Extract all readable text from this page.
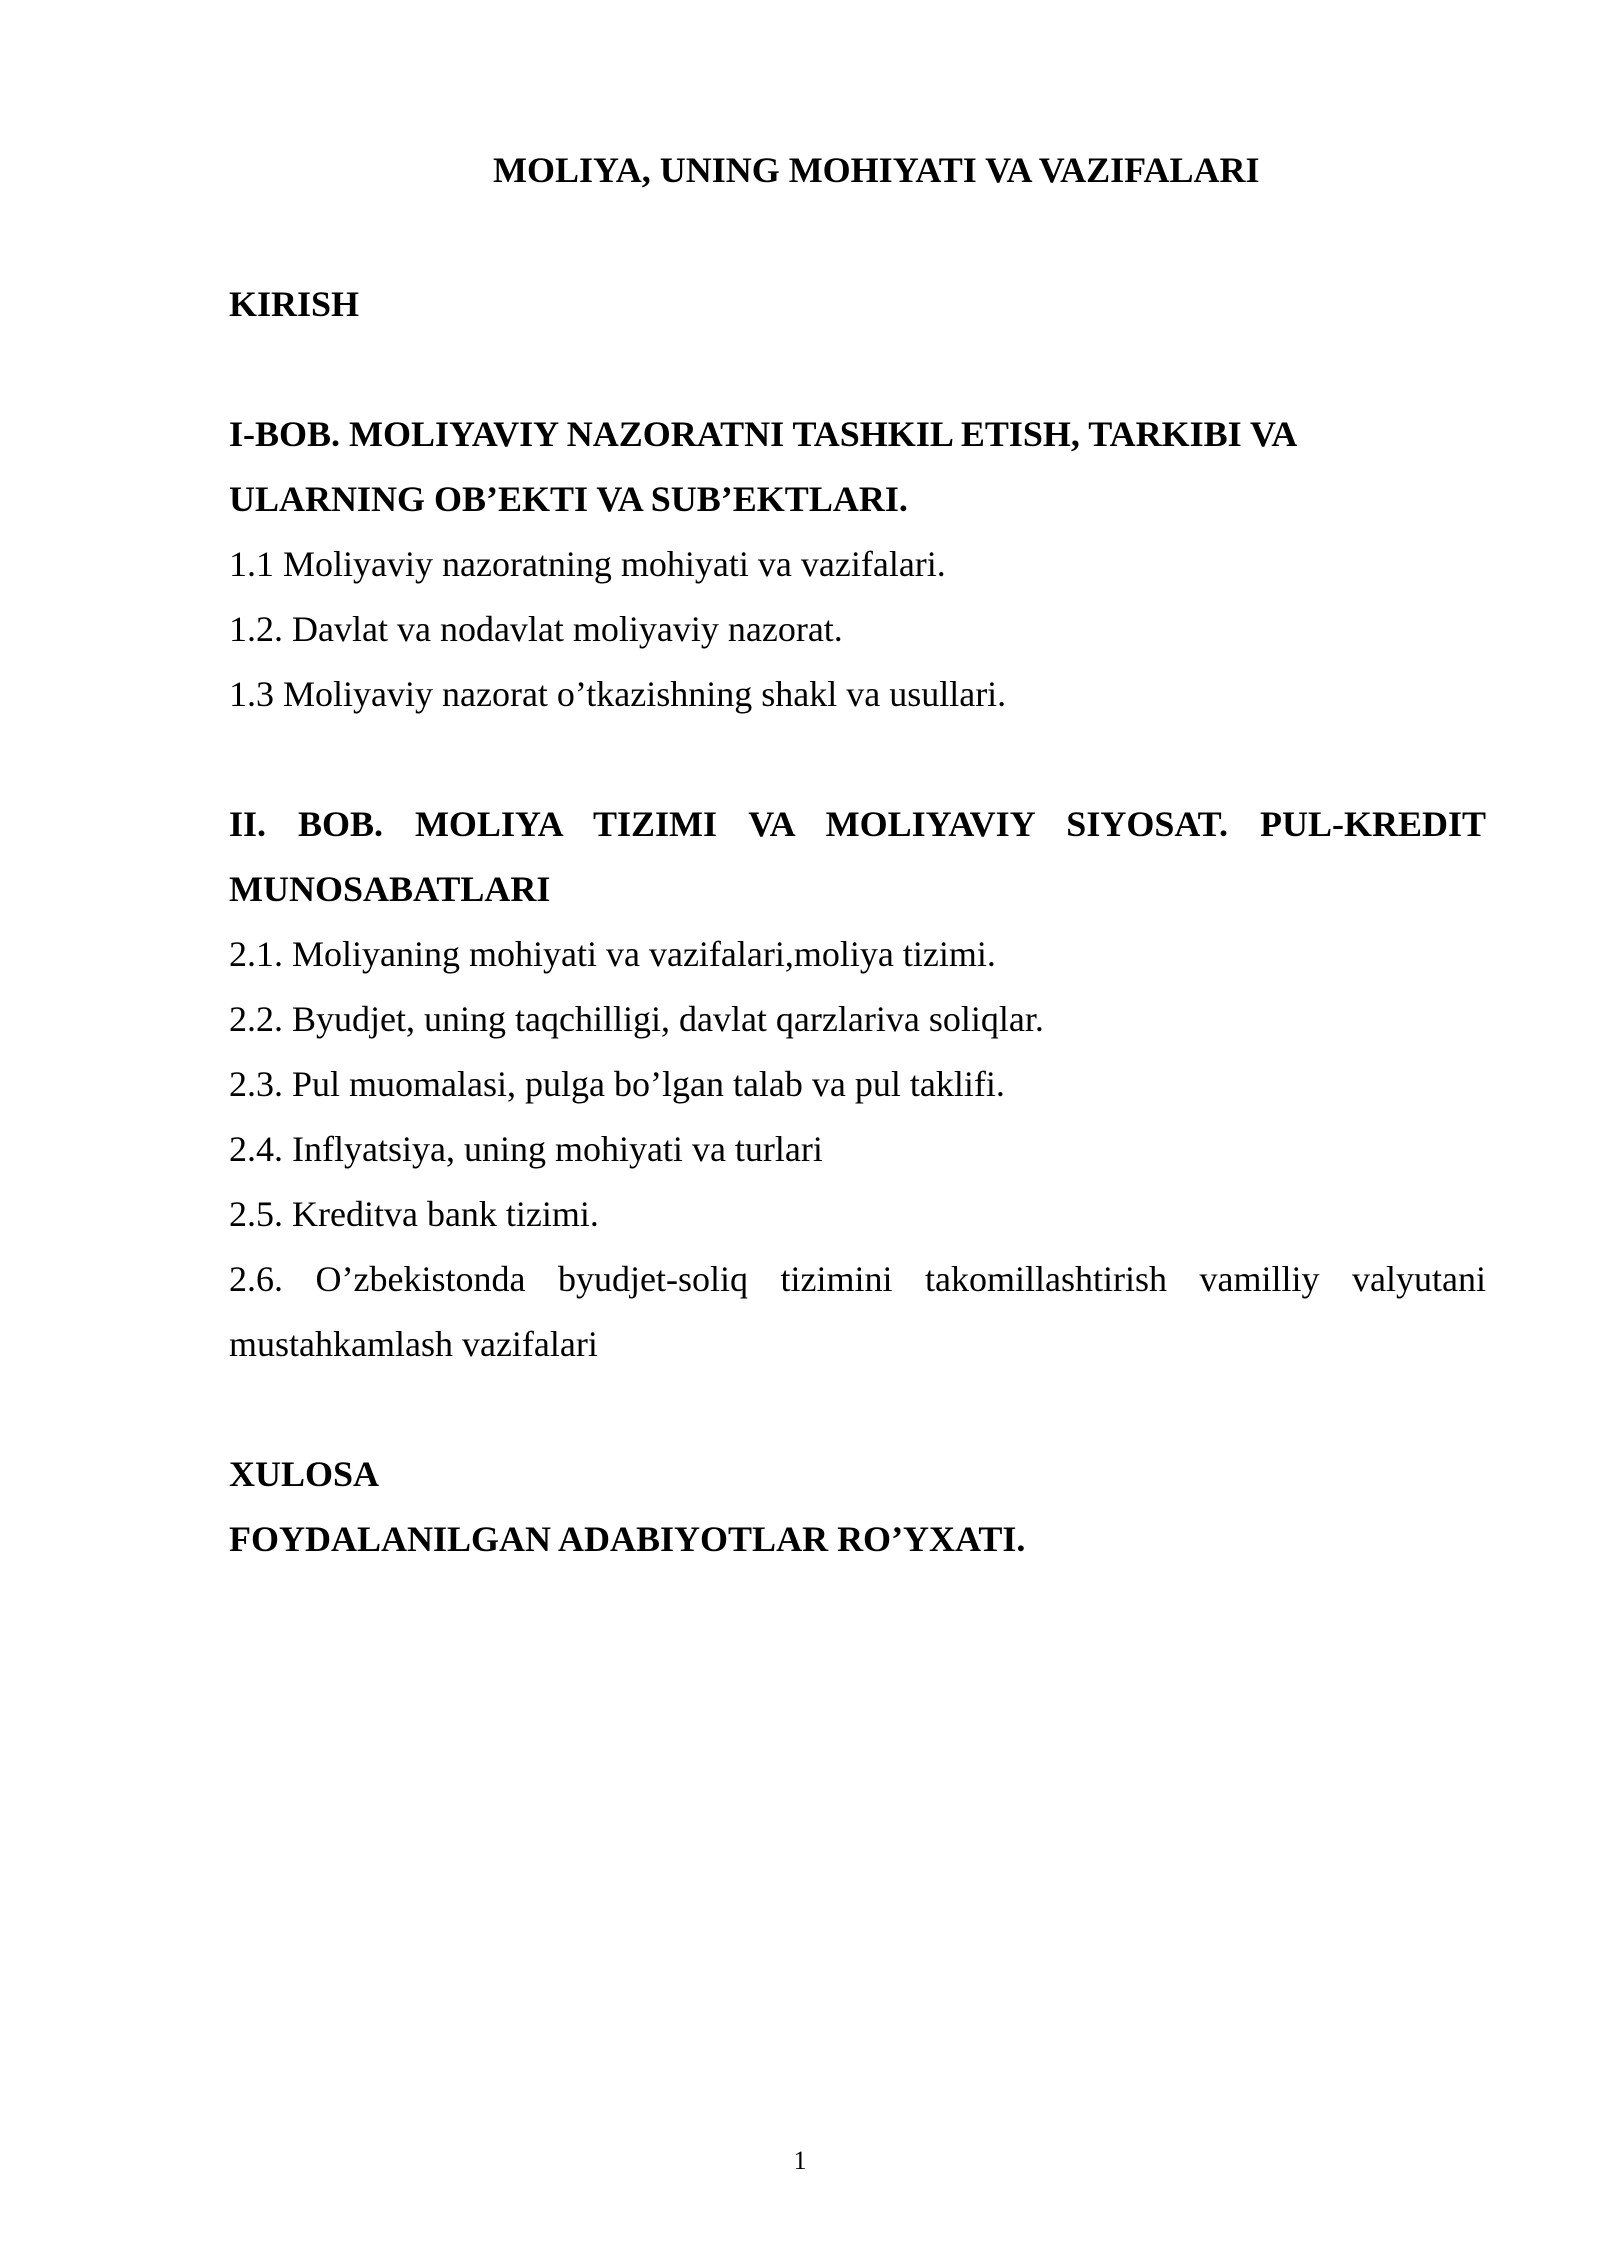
MOLIYA, UNING MOHIYATI VA VAZIFALARI
KIRISH
I-BOB. MOLIYAVIY NAZORATNI TASHKIL ETISH, TARKIBI VA
ULARNING OB’EKTI VA SUB’EKTLARI.
1.1 Moliyaviy nazoratning mohiyati va vazifalari.
1.2. Davlat va nodavlat moliyaviy nazorat.
1.3 Moliyaviy nazorat o’tkazishning shakl va usullari.
II. BOB. MOLIYA TIZIMI VA MOLIYAVIY SIYOSAT. PUL-KREDIT
MUNOSABATLARI
2.1. Moliyaning mohiyati va vazifalari,moliya tizimi.
2.2. Byudjet, uning taqchilligi, davlat qarzlariva soliqlar.
2.3. Pul muomalasi, pulga bo’lgan talab va pul taklifi.
2.4. Inflyatsiya, uning mohiyati va turlari
2.5. Kreditva bank tizimi.
2.6. O’zbekistonda byudjet-soliq tizimini takomillashtirish vamilliy valyutani
mustahkamlash vazifalari
XULOSA
FOYDALANILGAN ADABIYOTLAR RO’YXATI.
1
